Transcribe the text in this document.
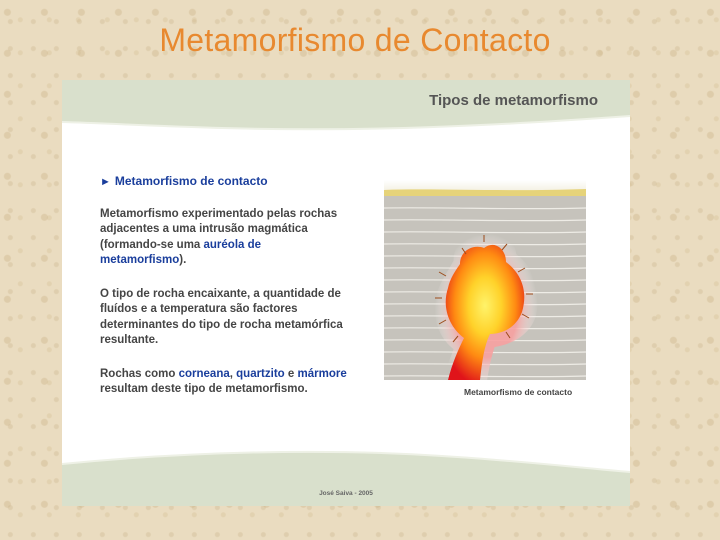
Metamorfismo de Contacto
Tipos de metamorfismo
► Metamorfismo de contacto
Metamorfismo experimentado pelas rochas adjacentes a uma intrusão magmática (formando-se uma auréola de metamorfismo).
O tipo de rocha encaixante, a quantidade de fluídos e a temperatura são factores determinantes do tipo de rocha metamórfica resultante.
Rochas como corneana, quartzito e mármore resultam deste tipo de metamorfismo.	Metamorfismo de contacto
José Saiva - 2005
